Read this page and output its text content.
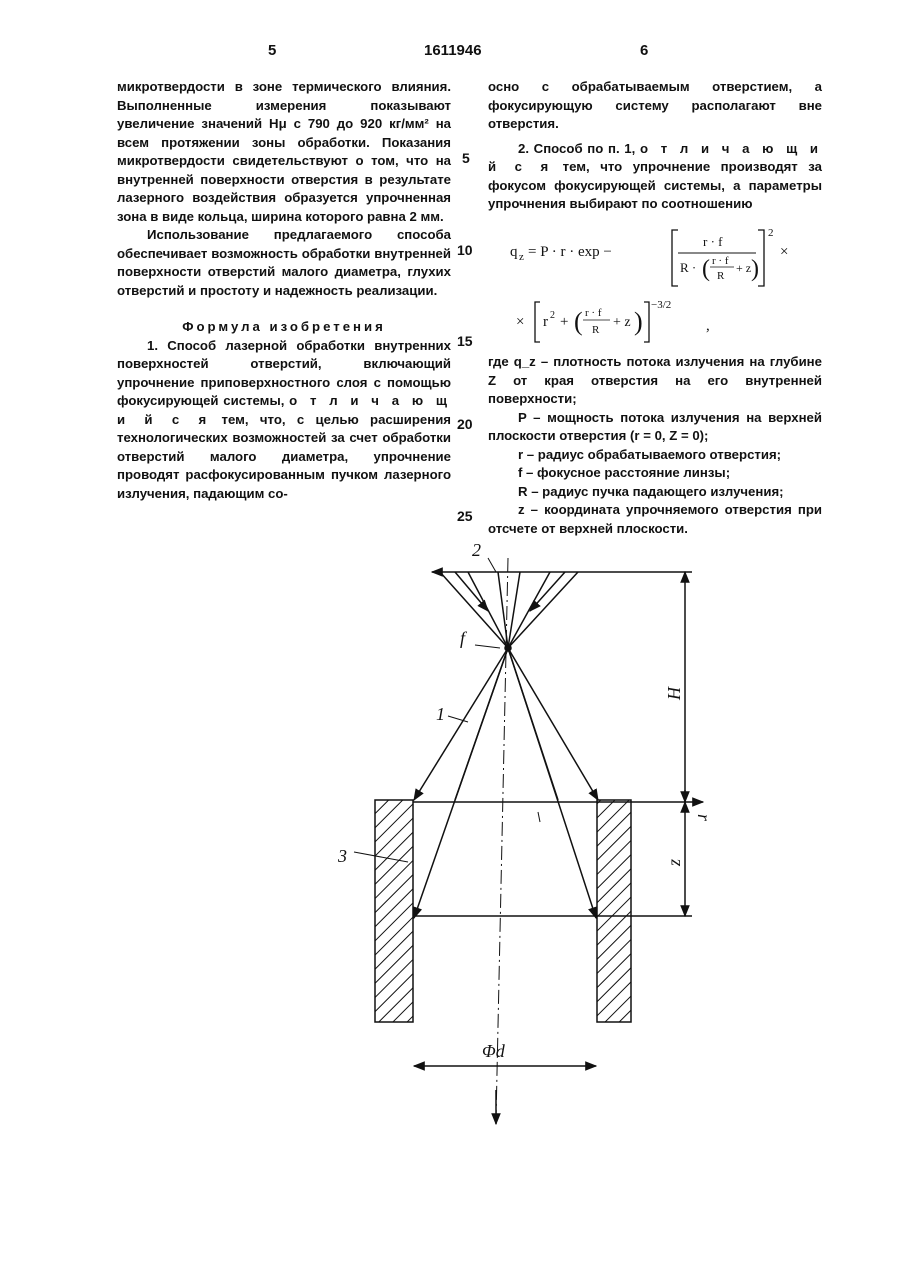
5	1611946	6
5
10
15
20
25

микротвердости в зоне термического влияния. Выполненные измерения показывают увеличение значений Hμ с 790 до 920 кг/мм² на всем протяжении зоны обработки. Показания микротвердости свидетельствуют о том, что на внутренней поверхности отверстия в результате лазерного воздействия образуется упрочненная зона в виде кольца, ширина которого равна 2 мм.

Использование предлагаемого способа обеспечивает возможность обработки внутренней поверхности отверстий малого диаметра, глухих отверстий и простоту и надежность реализации.

Формула изобретения

1. Способ лазерной обработки внутренних поверхностей отверстий, включающий упрочнение приповерхностного слоя с помощью фокусирующей системы, о т л и ч а ю щ и й с я тем, что, с целью расширения технологических возможностей за счет обработки отверстий малого диаметра, упрочнение проводят расфокусированным пучком лазерного излучения, падающим со-

осно с обрабатываемым отверстием, а фокусирующую систему располагают вне отверстия.

2. Способ по п. 1, о т л и ч а ю щ и й с я тем, что упрочнение производят за фокусом фокусирующей системы, а параметры упрочнения выбирают по соотношению

q z = P · r · exp −
r · f
R · ( r · f
R
+ z )
2
×
× r 2 + ( r · f
R + z )
−3/2
,

где q_z – плотность потока излучения на глубине Z от края отверстия на его внутренней поверхности;

P – мощность потока излучения на верхней плоскости отверстия (r = 0, Z = 0);

r – радиус обрабатываемого отверстия;

f – фокусное расстояние линзы;

R – радиус пучка падающего излучения;

z – координата упрочняемого отверстия при отсчете от верхней плоскости.

2
f
1
3
H
z
r
Φd
